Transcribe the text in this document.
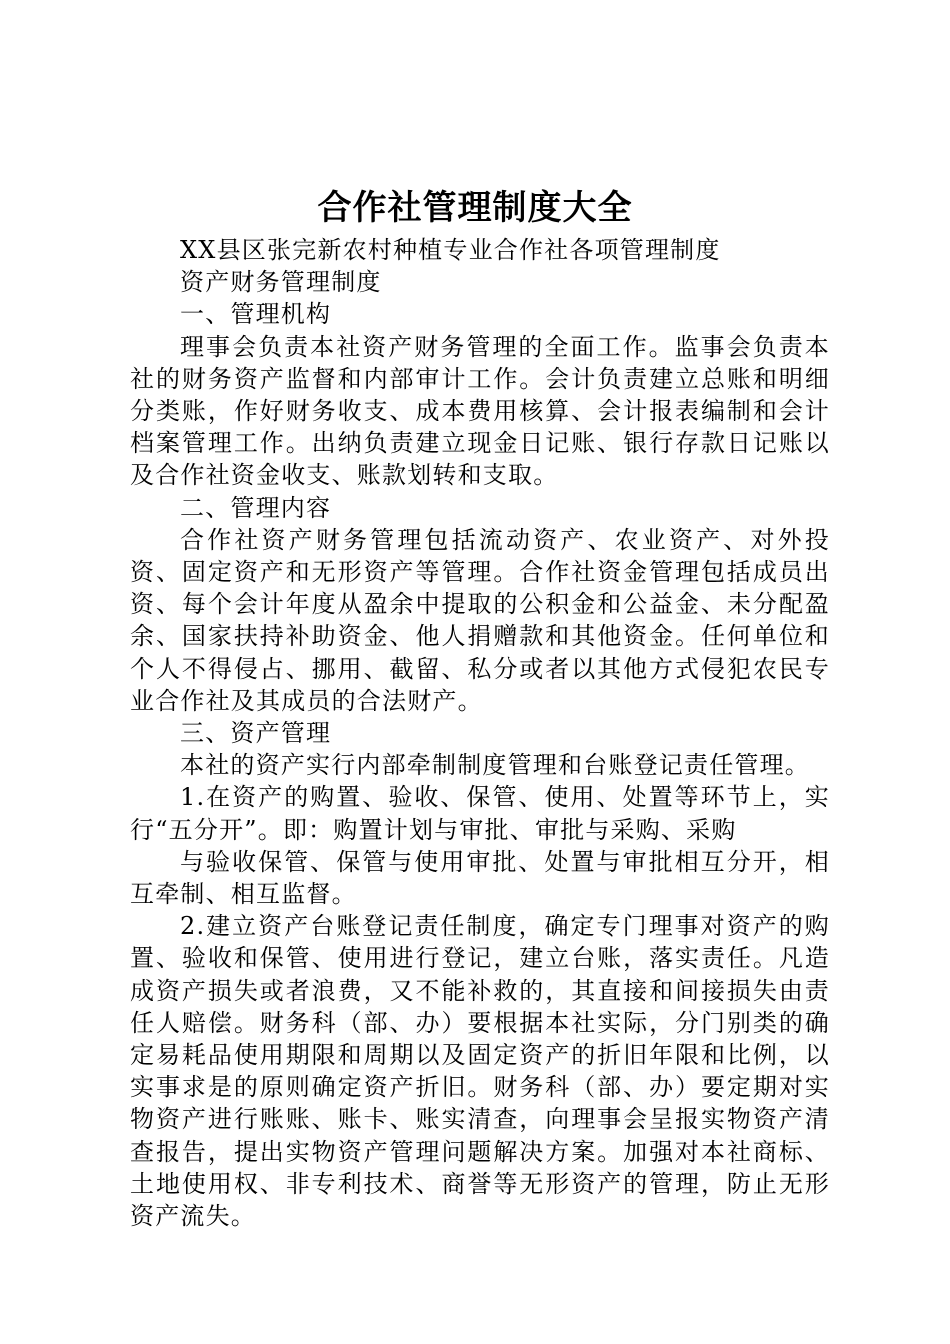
合作社管理制度大全

XX县区张完新农村种植专业合作社各项管理制度

资产财务管理制度

一、管理机构

理事会负责本社资产财务管理的全面工作。监事会负责本社的财务资产监督和内部审计工作。会计负责建立总账和明细分类账，作好财务收支、成本费用核算、会计报表编制和会计档案管理工作。出纳负责建立现金日记账、银行存款日记账以及合作社资金收支、账款划转和支取。

二、管理内容

合作社资产财务管理包括流动资产、农业资产、对外投资、固定资产和无形资产等管理。合作社资金管理包括成员出资、每个会计年度从盈余中提取的公积金和公益金、未分配盈余、国家扶持补助资金、他人捐赠款和其他资金。任何单位和个人不得侵占、挪用、截留、私分或者以其他方式侵犯农民专业合作社及其成员的合法财产。

三、资产管理

本社的资产实行内部牵制制度管理和台账登记责任管理。

1.在资产的购置、验收、保管、使用、处置等环节上，实行“五分开”。即：购置计划与审批、审批与采购、采购

与验收保管、保管与使用审批、处置与审批相互分开，相互牵制、相互监督。

2.建立资产台账登记责任制度，确定专门理事对资产的购置、验收和保管、使用进行登记，建立台账，落实责任。凡造成资产损失或者浪费，又不能补救的，其直接和间接损失由责任人赔偿。财务科（部、办）要根据本社实际，分门别类的确定易耗品使用期限和周期以及固定资产的折旧年限和比例，以实事求是的原则确定资产折旧。财务科（部、办）要定期对实物资产进行账账、账卡、账实清查，向理事会呈报实物资产清查报告，提出实物资产管理问题解决方案。加强对本社商标、土地使用权、非专利技术、商誉等无形资产的管理，防止无形资产流失。
